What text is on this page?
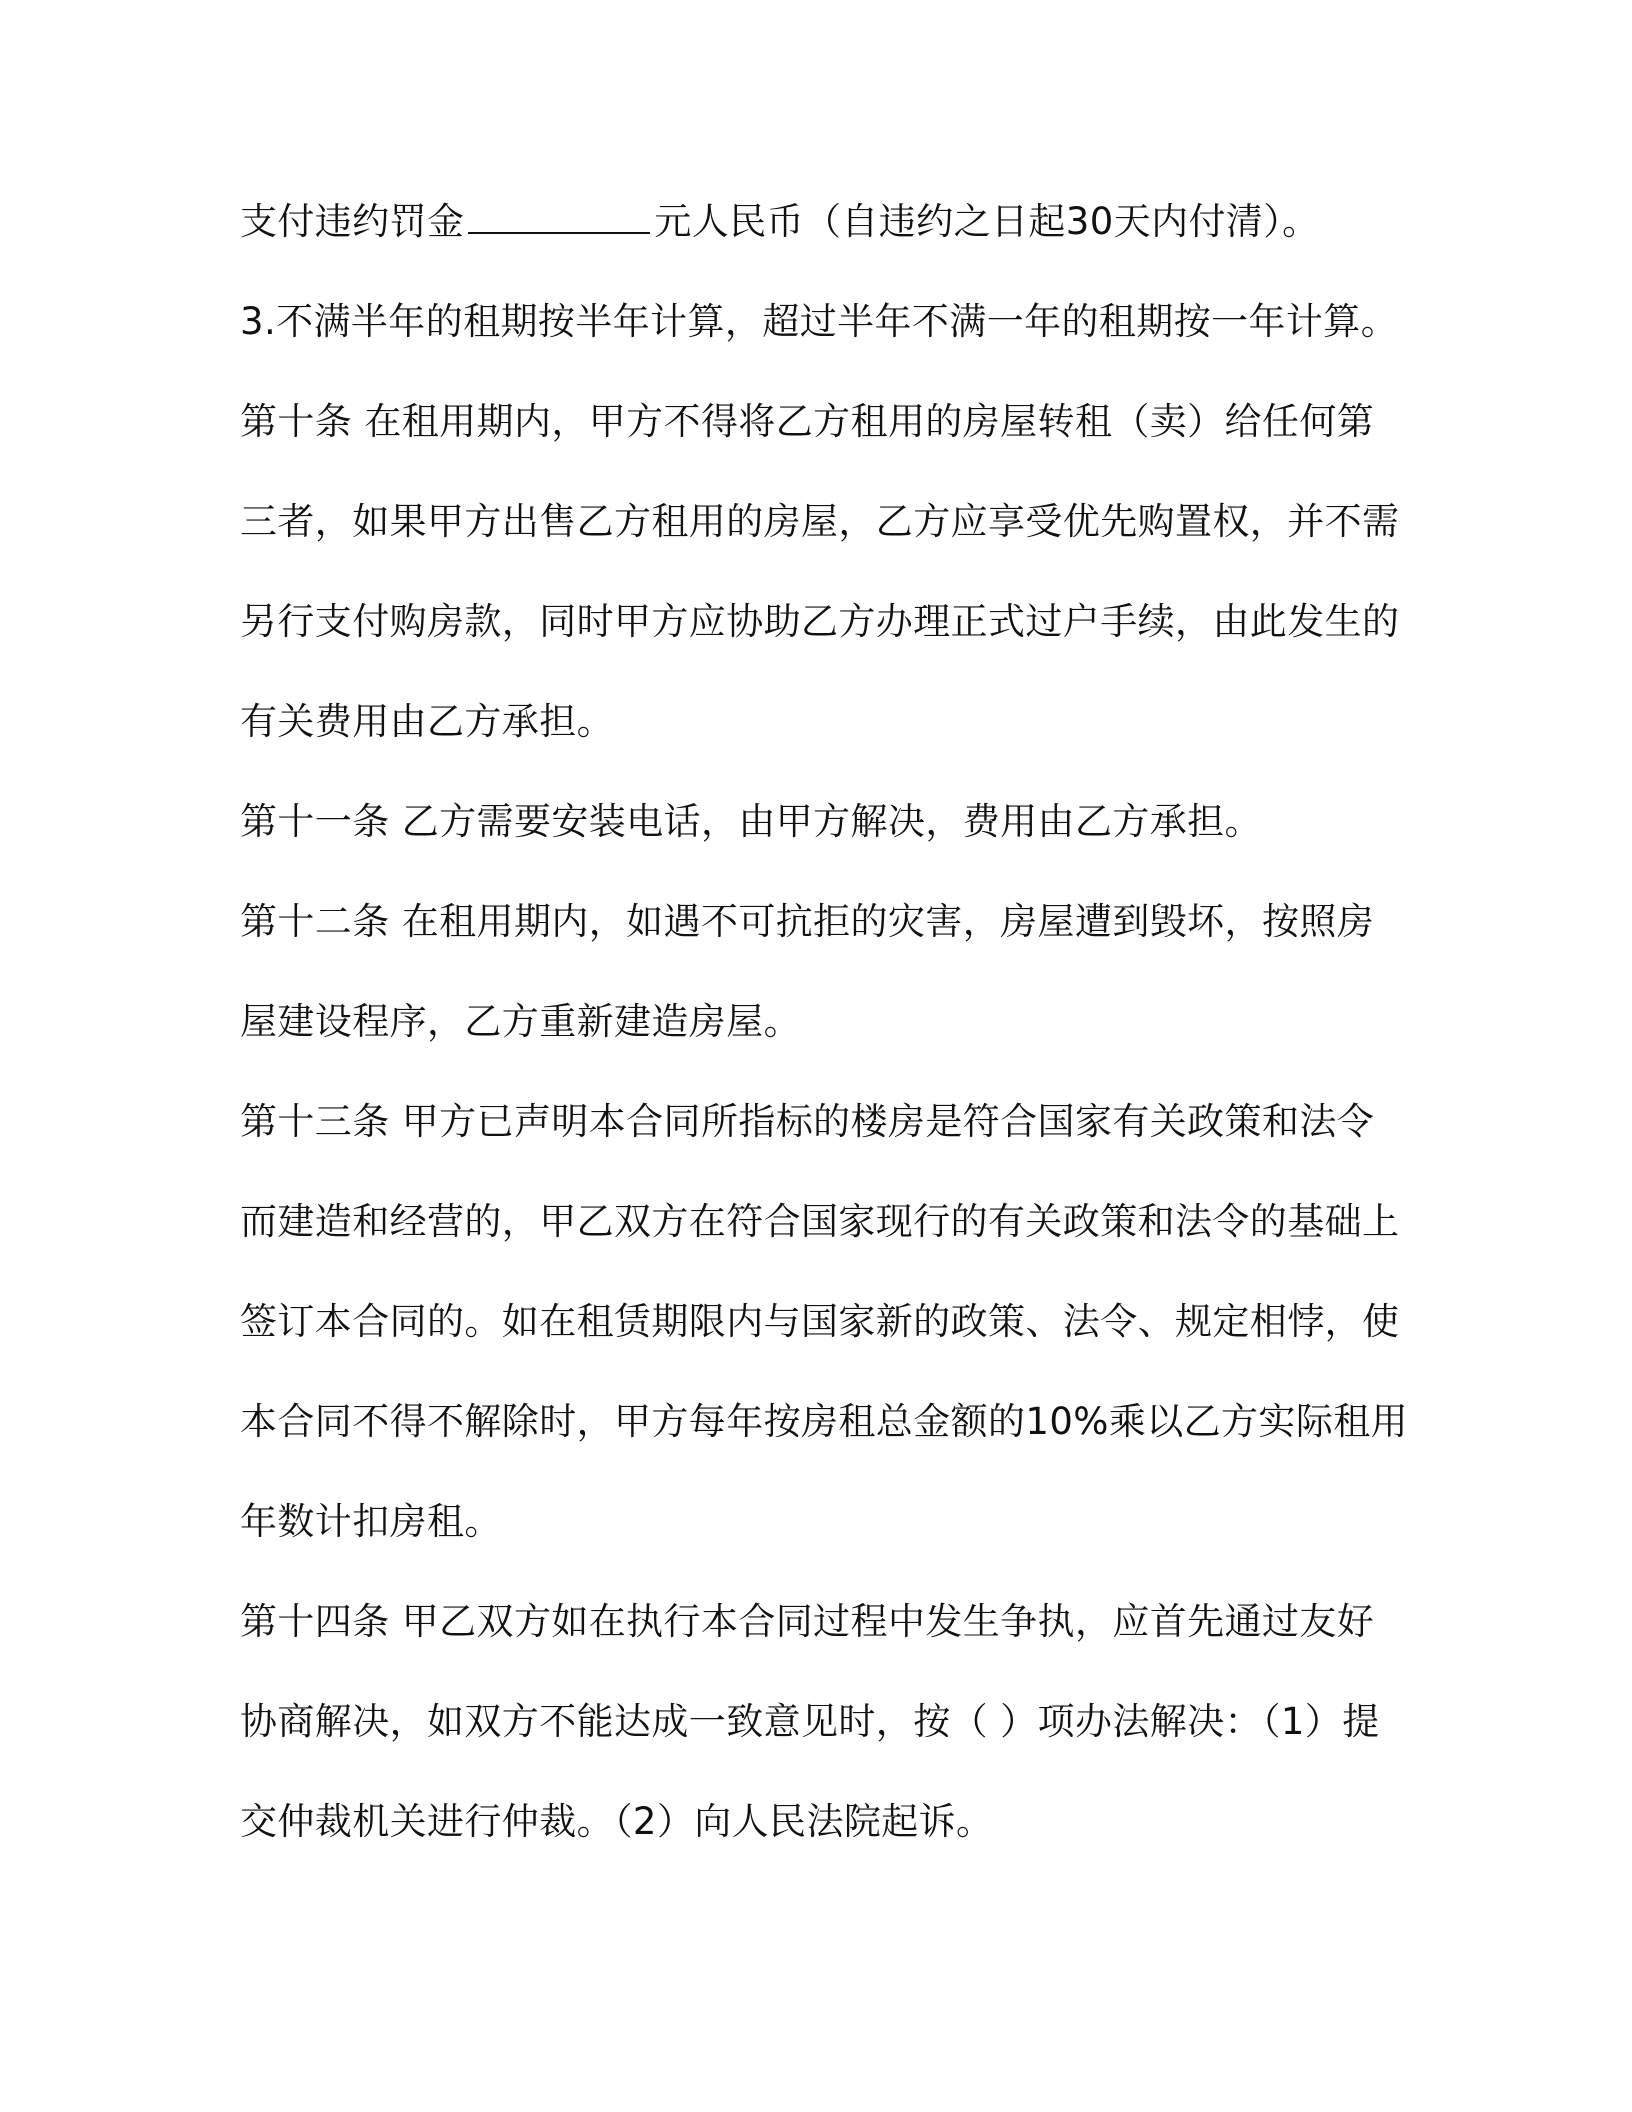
支付违约罚金	元人民币（自违约之日起30天内付清）。
3.不满半年的租期按半年计算，超过半年不满一年的租期按一年计算。
第十条 在租用期内，甲方不得将乙方租用的房屋转租（卖）给任何第
三者，如果甲方出售乙方租用的房屋，乙方应享受优先购置权，并不需
另行支付购房款，同时甲方应协助乙方办理正式过户手续，由此发生的
有关费用由乙方承担。
第十一条 乙方需要安装电话，由甲方解决，费用由乙方承担。
第十二条 在租用期内，如遇不可抗拒的灾害，房屋遭到毁坏，按照房
屋建设程序，乙方重新建造房屋。
第十三条 甲方已声明本合同所指标的楼房是符合国家有关政策和法令
而建造和经营的，甲乙双方在符合国家现行的有关政策和法令的基础上
签订本合同的。如在租赁期限内与国家新的政策、法令、规定相悖，使
本合同不得不解除时，甲方每年按房租总金额的10%乘以乙方实际租用
年数计扣房租。
第十四条 甲乙双方如在执行本合同过程中发生争执，应首先通过友好
协商解决，如双方不能达成一致意见时，按（ ）项办法解决：（1）提
交仲裁机关进行仲裁。（2）向人民法院起诉。
